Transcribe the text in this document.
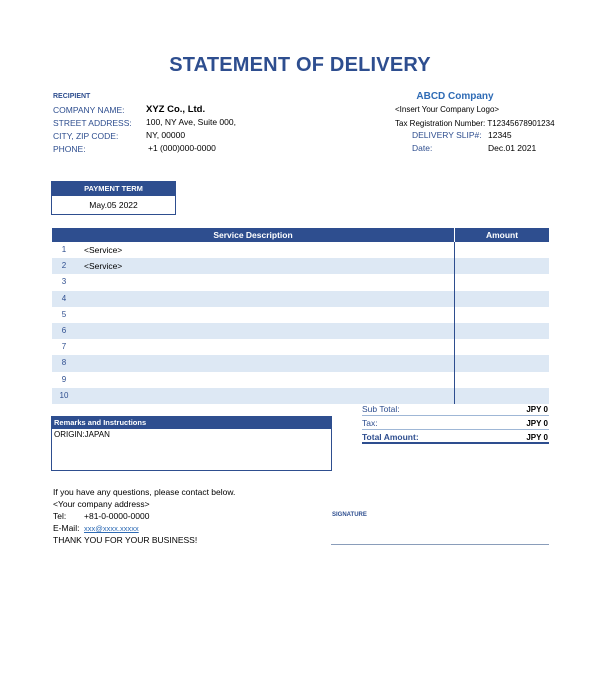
STATEMENT OF DELIVERY
RECIPIENT
COMPANY NAME: XYZ Co., Ltd.
STREET ADDRESS: 100, NY Ave, Suite 000,
CITY, ZIP CODE:	NY, 00000
PHONE:	+1 (000)000-0000
ABCD Company
<Insert Your Company Logo>
Tax Registration Number: T12345678901234
DELIVERY SLIP#: 12345
Date:	Dec.01 2021
PAYMENT TERM
May.05 2022
Service Description	Amount
1	<Service>
2	<Service>
3
4
5
6
7
8
9
10
Sub Total:	JPY 0
Tax:	JPY 0
Total Amount:	JPY 0
Remarks and Instructions
ORIGIN:JAPAN
If you have any questions, please contact below.
<Your company address>
Tel: +81-0-0000-0000
E-Mail: xxx@xxxx.xxxxx
THANK YOU FOR YOUR BUSINESS!
SIGNATURE
